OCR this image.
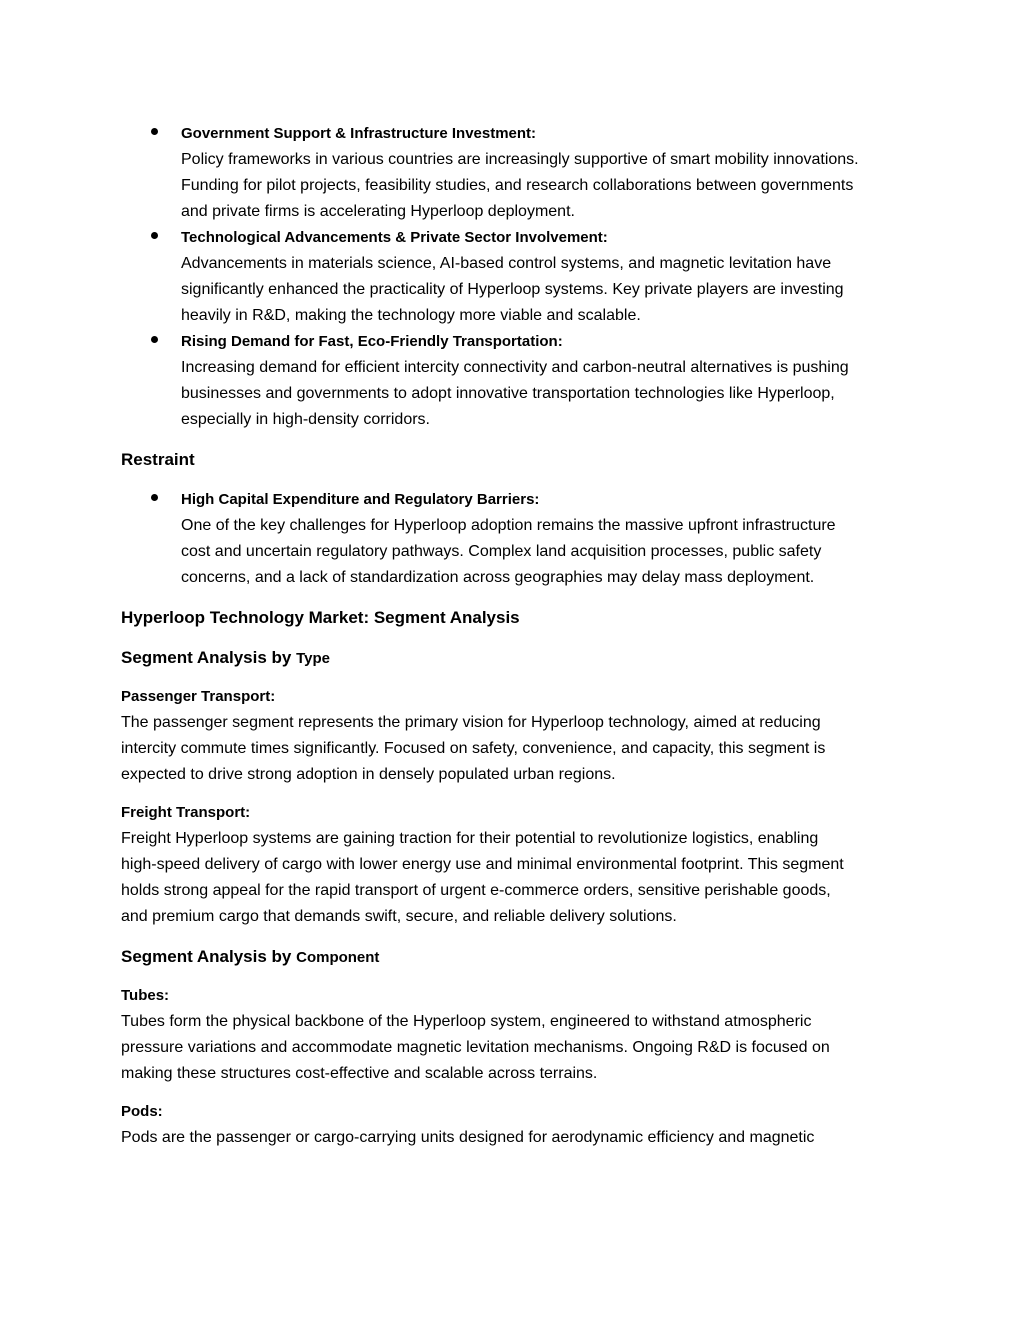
Government Support & Infrastructure Investment:
Policy frameworks in various countries are increasingly supportive of smart mobility innovations.
Funding for pilot projects, feasibility studies, and research collaborations between governments
and private firms is accelerating Hyperloop deployment.
Technological Advancements & Private Sector Involvement:
Advancements in materials science, AI-based control systems, and magnetic levitation have
significantly enhanced the practicality of Hyperloop systems. Key private players are investing
heavily in R&D, making the technology more viable and scalable.
Rising Demand for Fast, Eco-Friendly Transportation:
Increasing demand for efficient intercity connectivity and carbon-neutral alternatives is pushing
businesses and governments to adopt innovative transportation technologies like Hyperloop,
especially in high-density corridors.
Restraint
High Capital Expenditure and Regulatory Barriers:
One of the key challenges for Hyperloop adoption remains the massive upfront infrastructure
cost and uncertain regulatory pathways. Complex land acquisition processes, public safety
concerns, and a lack of standardization across geographies may delay mass deployment.
Hyperloop Technology Market: Segment Analysis
Segment Analysis by Type
Passenger Transport:
The passenger segment represents the primary vision for Hyperloop technology, aimed at reducing
intercity commute times significantly. Focused on safety, convenience, and capacity, this segment is
expected to drive strong adoption in densely populated urban regions.
Freight Transport:
Freight Hyperloop systems are gaining traction for their potential to revolutionize logistics, enabling
high-speed delivery of cargo with lower energy use and minimal environmental footprint. This segment
holds strong appeal for the rapid transport of urgent e-commerce orders, sensitive perishable goods,
and premium cargo that demands swift, secure, and reliable delivery solutions.
Segment Analysis by Component
Tubes:
Tubes form the physical backbone of the Hyperloop system, engineered to withstand atmospheric
pressure variations and accommodate magnetic levitation mechanisms. Ongoing R&D is focused on
making these structures cost-effective and scalable across terrains.
Pods:
Pods are the passenger or cargo-carrying units designed for aerodynamic efficiency and magnetic
